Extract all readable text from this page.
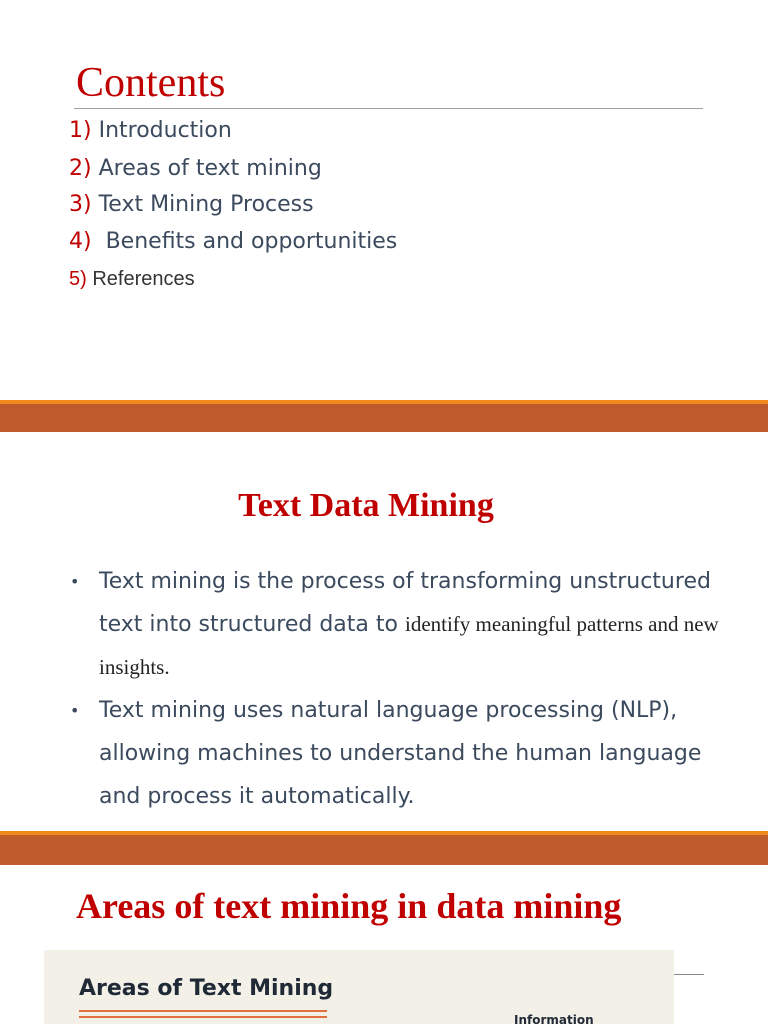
Contents
1) Introduction
2) Areas of text mining
3) Text Mining Process
4)  Benefits and opportunities
5) References
Text Data Mining
• Text mining is the process of transforming unstructured text into structured data to identify meaningful patterns and new insights.
• Text mining uses natural language processing (NLP), allowing machines to understand the human language and process it automatically.
Areas of text mining in data mining
Areas of Text Mining
Information
